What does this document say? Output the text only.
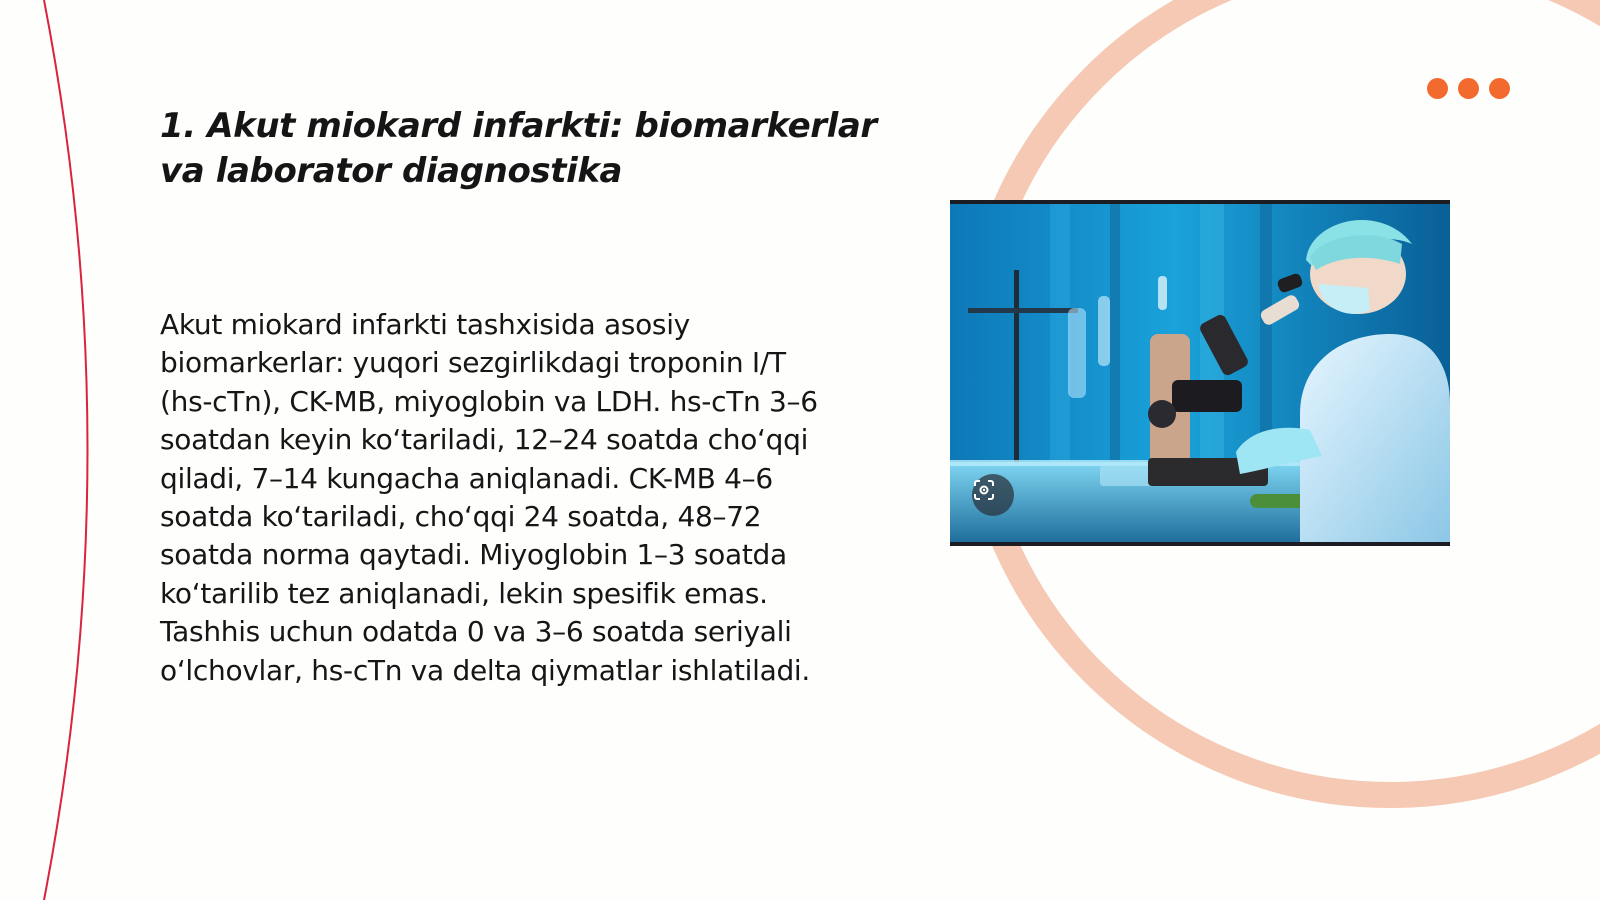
1. Akut miokard infarkti: biomarkerlar va laborator diagnostika

Akut miokard infarkti tashxisida asosiy biomarkerlar: yuqori sezgirlikdagi troponin I/T (hs-cTn), CK-MB, miyoglobin va LDH. hs-cTn 3–6 soatdan keyin ko‘tariladi, 12–24 soatda cho‘qqi qiladi, 7–14 kungacha aniqlanadi. CK-MB 4–6 soatda ko‘tariladi, cho‘qqi 24 soatda, 48–72 soatda norma qaytadi. Miyoglobin 1–3 soatda ko‘tarilib tez aniqlanadi, lekin spesifik emas. Tashhis uchun odatda 0 va 3–6 soatda seriyali o‘lchovlar, hs-cTn va delta qiymatlar ishlatiladi.
